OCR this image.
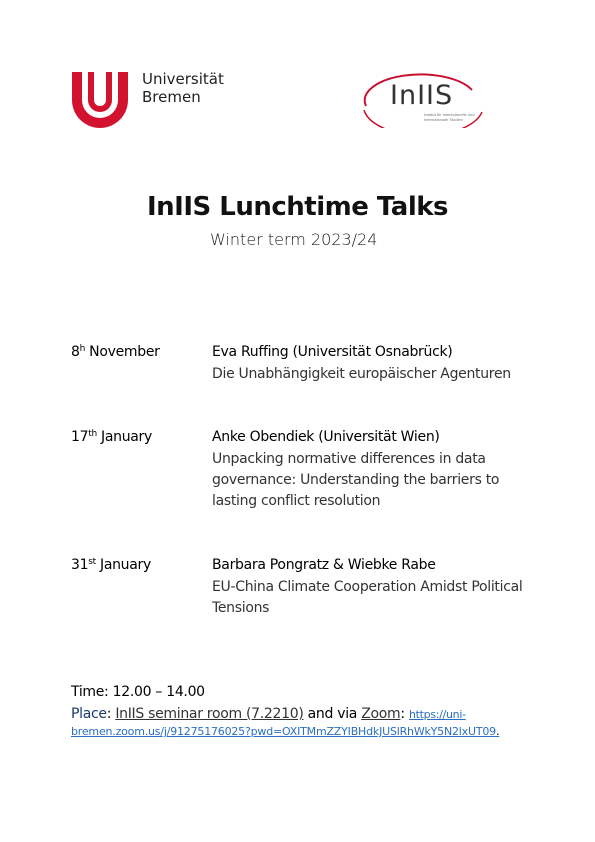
Universität
Bremen	InIIS
Institut für Interkulturelle und Internationale Studien
InIIS Lunchtime Talks
Winter term 2023/24
8$^h$ November	Eva Ruffing (Universität Osnabrück)
Die Unabhängigkeit europäischer Agenturen
17th January	Anke Obendiek (Universität Wien)
Unpacking normative differences in data governance: Understanding the barriers to lasting conflict resolution
31st January	Barbara Pongratz & Wiebke Rabe
EU-China Climate Cooperation Amidst Political Tensions
Time: 12.00 – 14.00
Place: InIIS seminar room (7.2210) and via Zoom: https://uni-
bremen.zoom.us/j/91275176025?pwd=OXITMmZZYIBHdkJUSlRhWkY5N2lxUT09.
